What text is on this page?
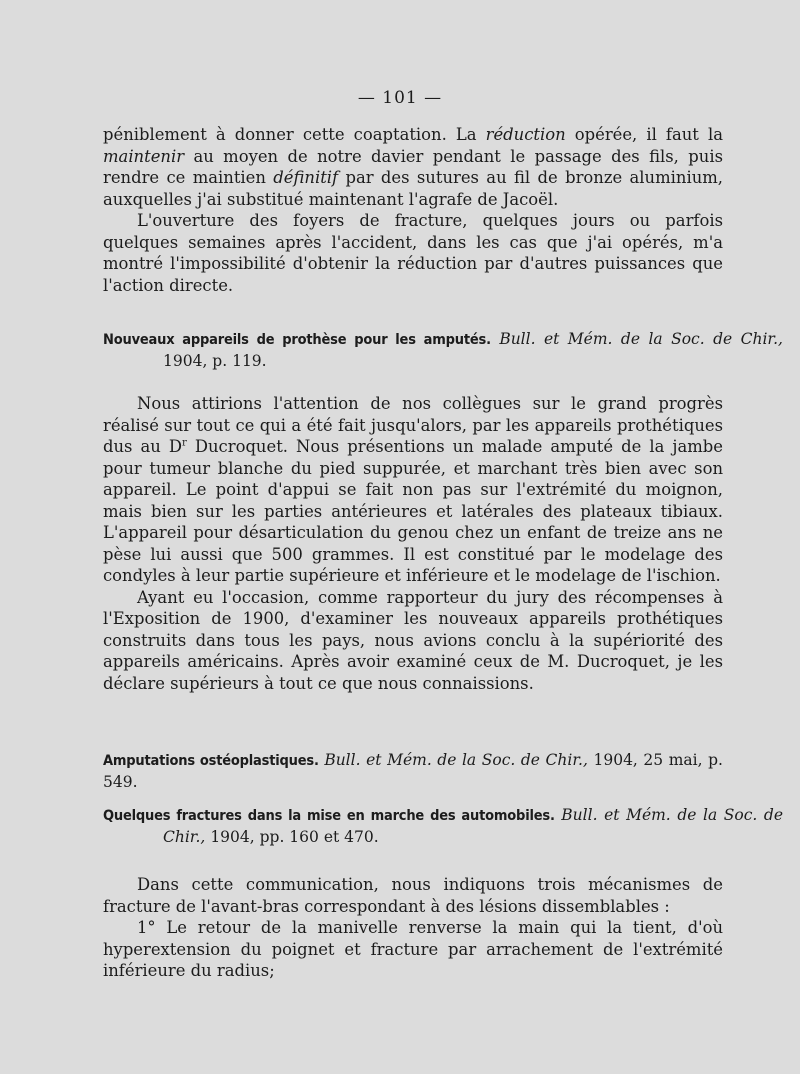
— 101 —

péniblement à donner cette coaptation. La réduction opérée, il faut la maintenir au moyen de notre davier pendant le passage des fils, puis rendre ce maintien définitif par des sutures au fil de bronze aluminium, auxquelles j'ai substitué maintenant l'agrafe de Jacoël.

L'ouverture des foyers de fracture, quelques jours ou parfois quelques semaines après l'accident, dans les cas que j'ai opérés, m'a montré l'impossibilité d'obtenir la réduction par d'autres puissances que l'action directe.

Nouveaux appareils de prothèse pour les amputés. Bull. et Mém. de la Soc. de Chir., 1904, p. 119.

Nous attirions l'attention de nos collègues sur le grand progrès réalisé sur tout ce qui a été fait jusqu'alors, par les appareils prothétiques dus au $D^r$ Ducroquet. Nous présentions un malade amputé de la jambe pour tumeur blanche du pied suppurée, et marchant très bien avec son appareil. Le point d'appui se fait non pas sur l'extrémité du moignon, mais bien sur les parties antérieures et latérales des plateaux tibiaux. L'appareil pour désarticulation du genou chez un enfant de treize ans ne pèse lui aussi que 500 grammes. Il est constitué par le modelage des condyles à leur partie supérieure et inférieure et le modelage de l'ischion.

Ayant eu l'occasion, comme rapporteur du jury des récompenses à l'Exposition de 1900, d'examiner les nouveaux appareils prothétiques construits dans tous les pays, nous avions conclu à la supériorité des appareils américains. Après avoir examiné ceux de M. Ducroquet, je les déclare supérieurs à tout ce que nous connaissions.

Amputations ostéoplastiques. Bull. et Mém. de la Soc. de Chir., 1904, 25 mai, p. 549.
Quelques fractures dans la mise en marche des automobiles. Bull. et Mém. de la Soc. de Chir., 1904, pp. 160 et 470.

Dans cette communication, nous indiquons trois mécanismes de fracture de l'avant-bras correspondant à des lésions dissemblables :

1° Le retour de la manivelle renverse la main qui la tient, d'où hyperextension du poignet et fracture par arrachement de l'extrémité inférieure du radius;
